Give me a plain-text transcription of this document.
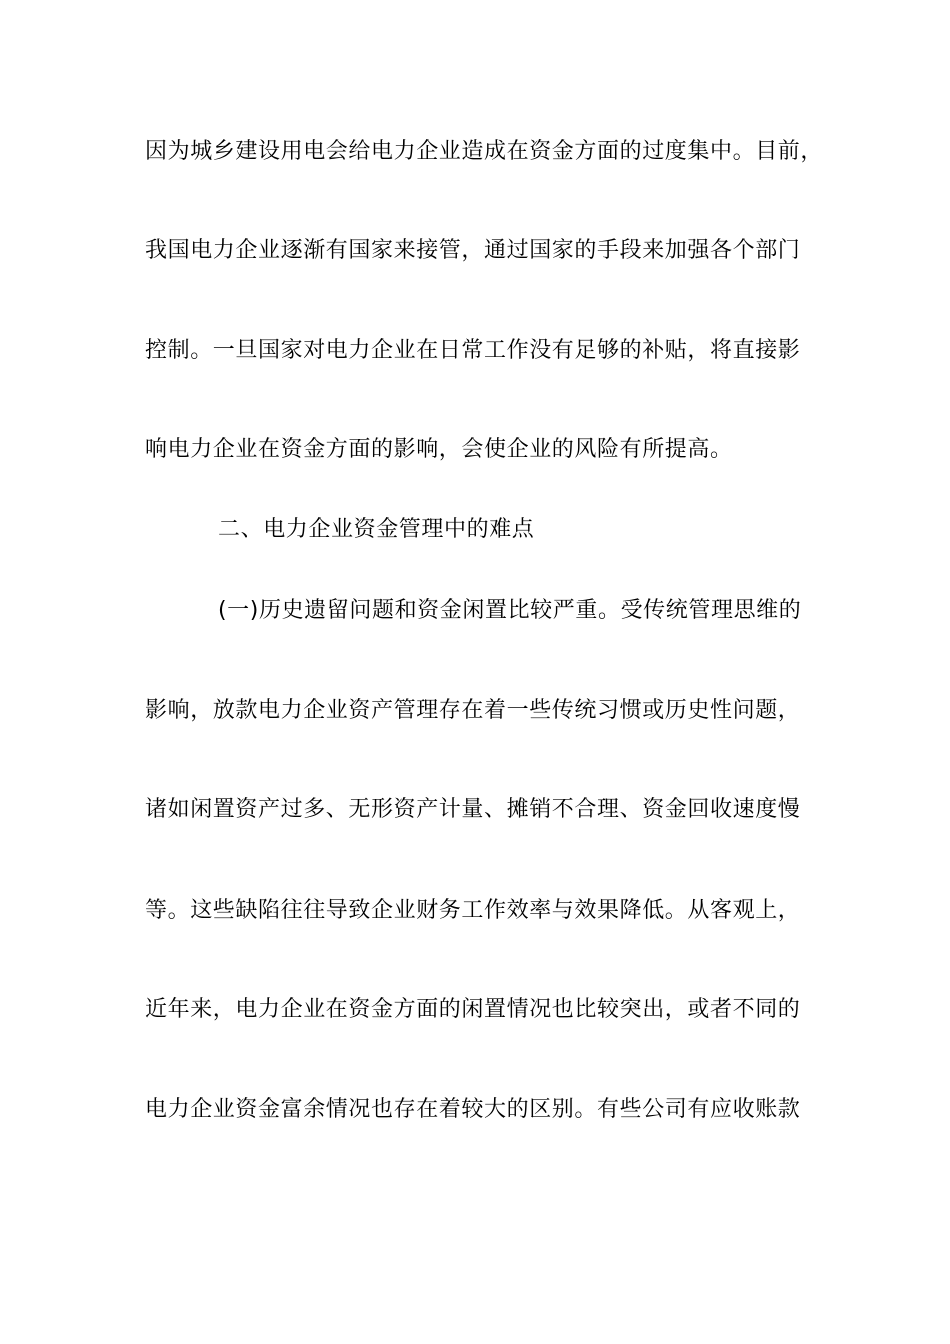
因为城乡建设用电会给电力企业造成在资金方面的过度集中。目前，
我国电力企业逐渐有国家来接管，通过国家的手段来加强各个部门
控制。一旦国家对电力企业在日常工作没有足够的补贴，将直接影
响电力企业在资金方面的影响，会使企业的风险有所提高。
二、电力企业资金管理中的难点
(一)历史遗留问题和资金闲置比较严重。受传统管理思维的
影响，放款电力企业资产管理存在着一些传统习惯或历史性问题，
诸如闲置资产过多、无形资产计量、摊销不合理、资金回收速度慢
等。这些缺陷往往导致企业财务工作效率与效果降低。从客观上，
近年来，电力企业在资金方面的闲置情况也比较突出，或者不同的
电力企业资金富余情况也存在着较大的区别。有些公司有应收账款
